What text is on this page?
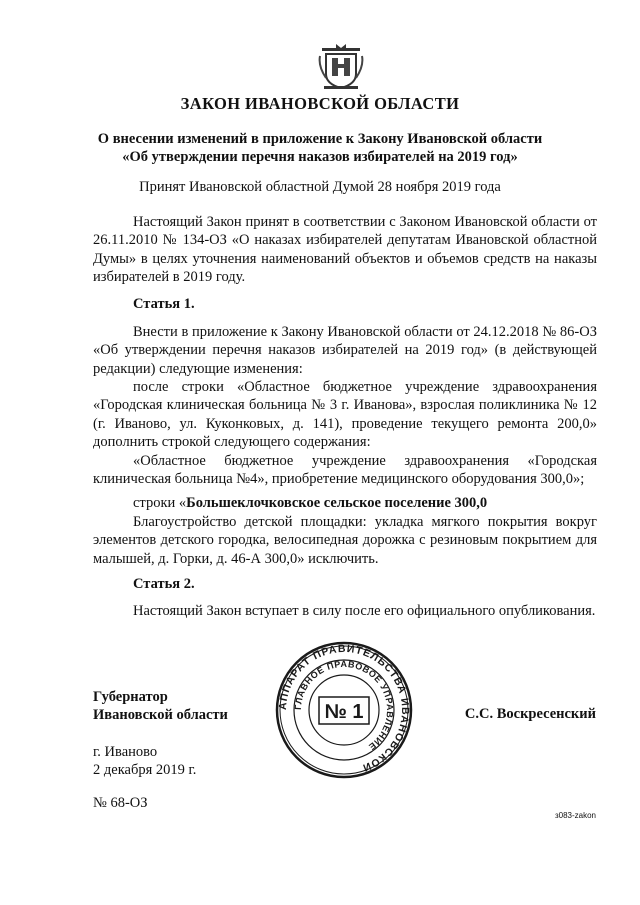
ЗАКОН ИВАНОВСКОЙ ОБЛАСТИ
О внесении изменений в приложение к Закону Ивановской области
«Об утверждении перечня наказов избирателей на 2019 год»
Принят Ивановской областной Думой 28 ноября 2019 года

Настоящий Закон принят в соответствии с Законом Ивановской области от 26.11.2010 № 134-ОЗ «О наказах избирателей депутатам Ивановской областной Думы» в целях уточнения наименований объектов и объемов средств на наказы избирателей в 2019 году.

Статья 1.

Внести в приложение к Закону Ивановской области от 24.12.2018 № 86-ОЗ «Об утверждении перечня наказов избирателей на 2019 год» (в действующей редакции) следующие изменения:

после строки «Областное бюджетное учреждение здравоохранения «Городская клиническая больница № 3 г. Иванова», взрослая поликлиника № 12 (г. Иваново, ул. Куконковых, д. 141), проведение текущего ремонта 200,0» дополнить строкой следующего содержания:

«Областное бюджетное учреждение здравоохранения «Городская клиническая больница №4», приобретение медицинского оборудования 300,0»;

строки «Большеклочковское сельское поселение 300,0

Благоустройство детской площадки: укладка мягкого покрытия вокруг элементов детского городка, велосипедная дорожка с резиновым покрытием для малышей, д. Горки, д. 46-А 300,0» исключить.

Статья 2.

Настоящий Закон вступает в силу после его официального опубликования.

АППАРАТ ПРАВИТЕЛЬСТВА ИВАНОВСКОЙ
ГЛАВНОЕ ПРАВОВОЕ УПРАВЛЕНИЕ
№ 1
Губернатор
Ивановской области	С.С. Воскресенский
г. Иваново
2 декабря 2019 г.
№ 68-ОЗ
з083-zakon
